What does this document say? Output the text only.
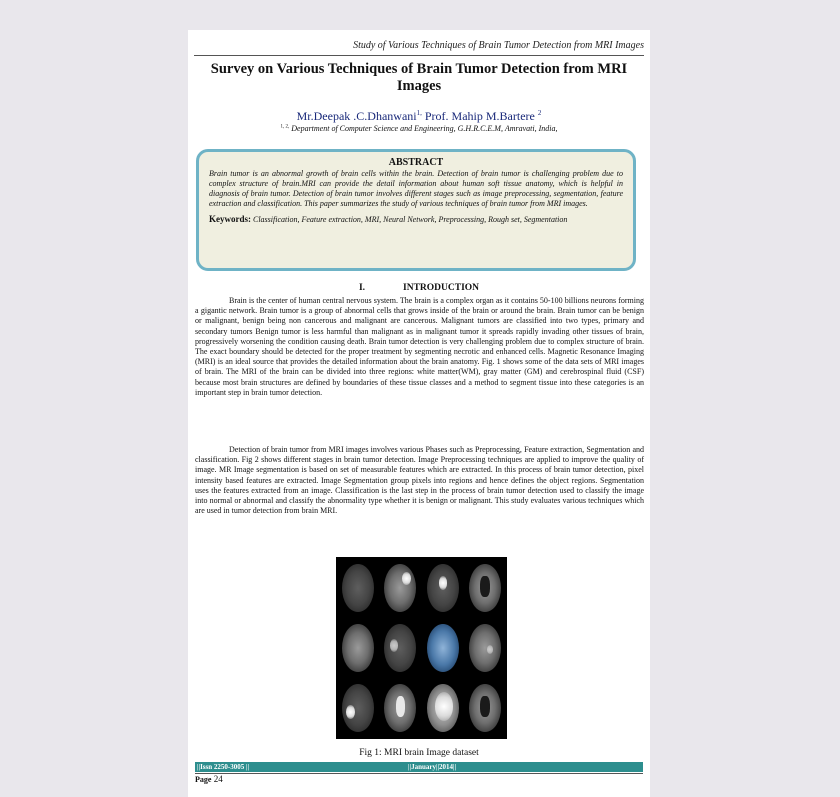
Study of Various Techniques of Brain Tumor Detection from MRI Images
Survey on Various Techniques of Brain Tumor Detection from MRI Images
Mr.Deepak .C.Dhanwani$^{1,}$ Prof. Mahip M.Bartere $^2$
$^{1, 2,}$ Department of Computer Science and Engineering, G.H.R.C.E.M, Amravati, India,
ABSTRACT
Brain tumor is an abnormal growth of brain cells within the brain. Detection of brain tumor is challenging problem due to complex structure of brain.MRI can provide the detail information about human soft tissue anatomy, which is helpful in diagnosis of brain tumor. Detection of brain tumor involves different stages such as image preprocessing, segmentation, feature extraction and classification. This paper summarizes the study of various techniques of brain tumor from MRI images.
Keywords: Classification, Feature extraction, MRI, Neural Network, Preprocessing, Rough set, Segmentation
I.	INTRODUCTION
Brain is the center of human central nervous system. The brain is a complex organ as it contains 50-100 billions neurons forming a gigantic network. Brain tumor is a group of abnormal cells that grows inside of the brain or around the brain. Brain tumor can be benign or malignant, benign being non cancerous and malignant are cancerous. Malignant tumors are classified into two types, primary and secondary tumors Benign tumor is less harmful than malignant as in malignant tumor it spreads rapidly invading other tissues of brain, progressively worsening the condition causing death. Brain tumor detection is very challenging problem due to complex structure of brain. The exact boundary should be detected for the proper treatment by segmenting necrotic and enhanced cells. Magnetic Resonance Imaging (MRI) is an ideal source that provides the detailed information about the brain anatomy. Fig. 1 shows some of the data sets of MRI images of brain. The MRI of the brain can be divided into three regions: white matter(WM), gray matter (GM) and cerebrospinal fluid (CSF) because most brain structures are defined by boundaries of these tissue classes and a method to segment tissue into these categories is an important step in brain tumor detection.
Detection of brain tumor from MRI images involves various Phases such as Preprocessing, Feature extraction, Segmentation and classification. Fig 2 shows different stages in brain tumor detection. Image Preprocessing techniques are applied to improve the quality of image. MR Image segmentation is based on set of measurable features which are extracted. In this process of brain tumor detection, pixel intensity based features are extracted. Image Segmentation group pixels into regions and hence defines the object regions. Segmentation uses the features extracted from an image. Classification is the last step in the process of brain tumor detection used to classify the image into normal or abnormal and classify the abnormality type whether it is benign or malignant. This study evaluates various techniques which are used in tumor detection from brain MRI.
Fig 1: MRI brain Image dataset
||Issn 2250-3005 ||	||January||2014||
Page 24
